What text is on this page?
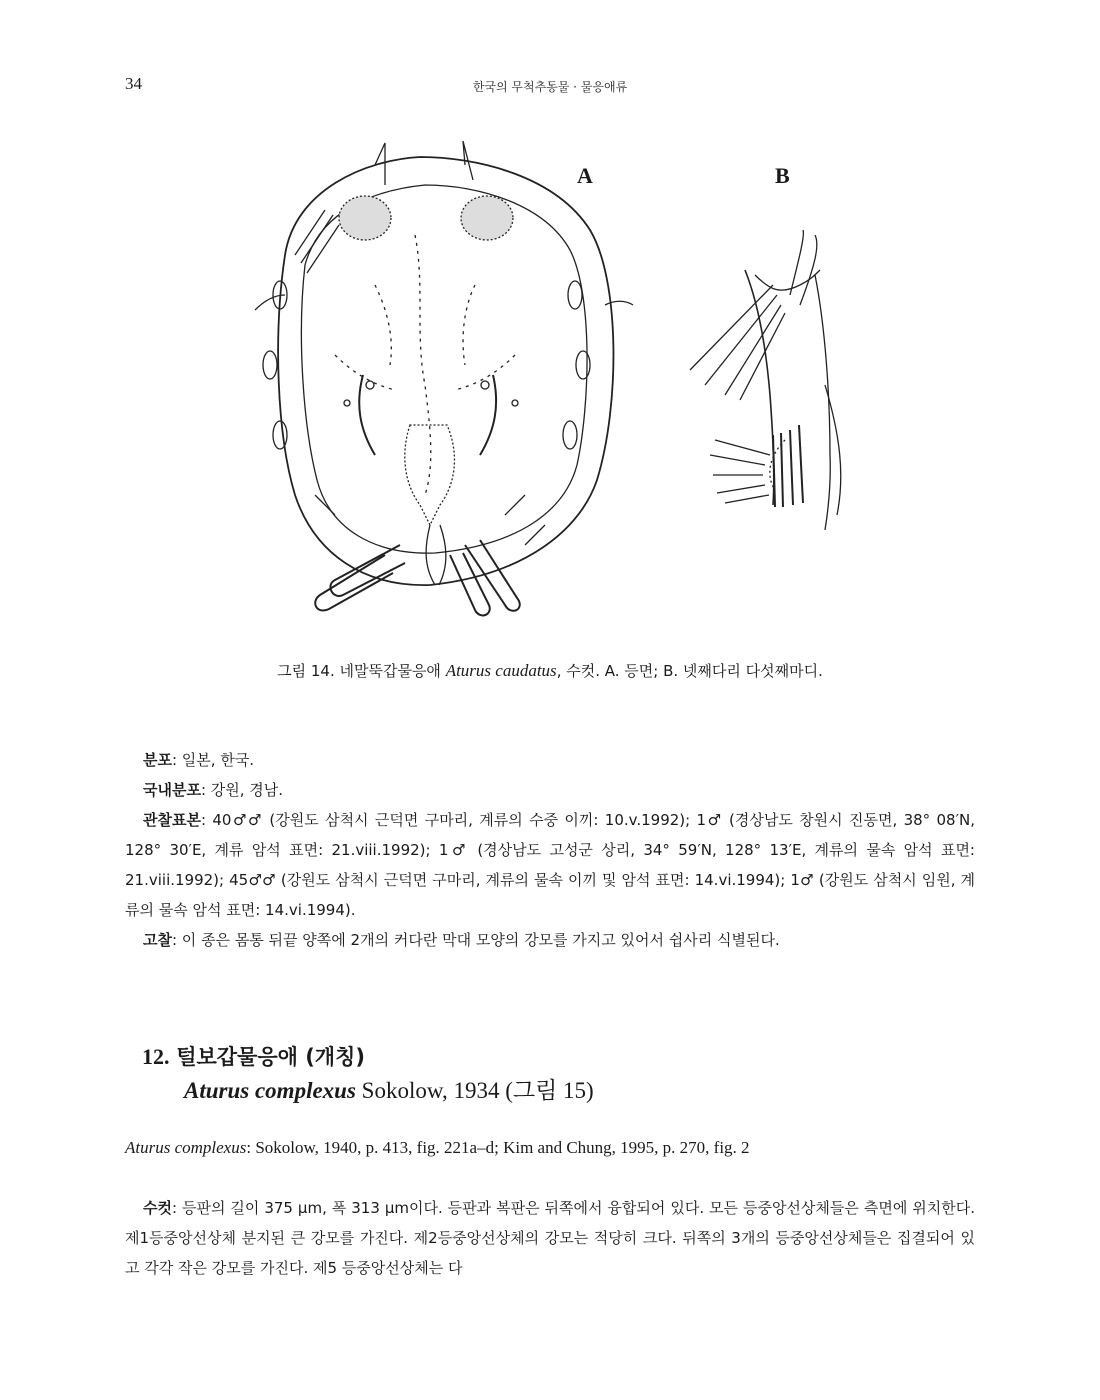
34	한국의 무척추동물 · 물응애류
A	B
그림 14. 네말뚝갑물응애 Aturus caudatus, 수컷. A. 등면; B. 넷째다리 다섯째마디.

분포: 일본, 한국.

국내분포: 강원, 경남.

관찰표본: 40♂♂ (강원도 삼척시 근덕면 구마리, 계류의 수중 이끼: 10.v.1992); 1♂ (경상남도 창원시 진동면, 38° 08′N, 128° 30′E, 계류 암석 표면: 21.viii.1992); 1♂ (경상남도 고성군 상리, 34° 59′N, 128° 13′E, 계류의 물속 암석 표면: 21.viii.1992); 45♂♂ (강원도 삼척시 근덕면 구마리, 계류의 물속 이끼 및 암석 표면: 14.vi.1994); 1♂ (강원도 삼척시 임원, 계류의 물속 암석 표면: 14.vi.1994).

고찰: 이 종은 몸통 뒤끝 양쪽에 2개의 커다란 막대 모양의 강모를 가지고 있어서 쉽사리 식별된다.

12. 털보갑물응애 (개칭)
Aturus complexus Sokolow, 1934 (그림 15)
Aturus complexus: Sokolow, 1940, p. 413, fig. 221a–d; Kim and Chung, 1995, p. 270, fig. 2

수컷: 등판의 길이 375 μm, 폭 313 μm이다. 등판과 복판은 뒤쪽에서 융합되어 있다. 모든 등중앙선상체들은 측면에 위치한다. 제1등중앙선상체 분지된 큰 강모를 가진다. 제2등중앙선상체의 강모는 적당히 크다. 뒤쪽의 3개의 등중앙선상체들은 집결되어 있고 각각 작은 강모를 가진다. 제5 등중앙선상체는 다
